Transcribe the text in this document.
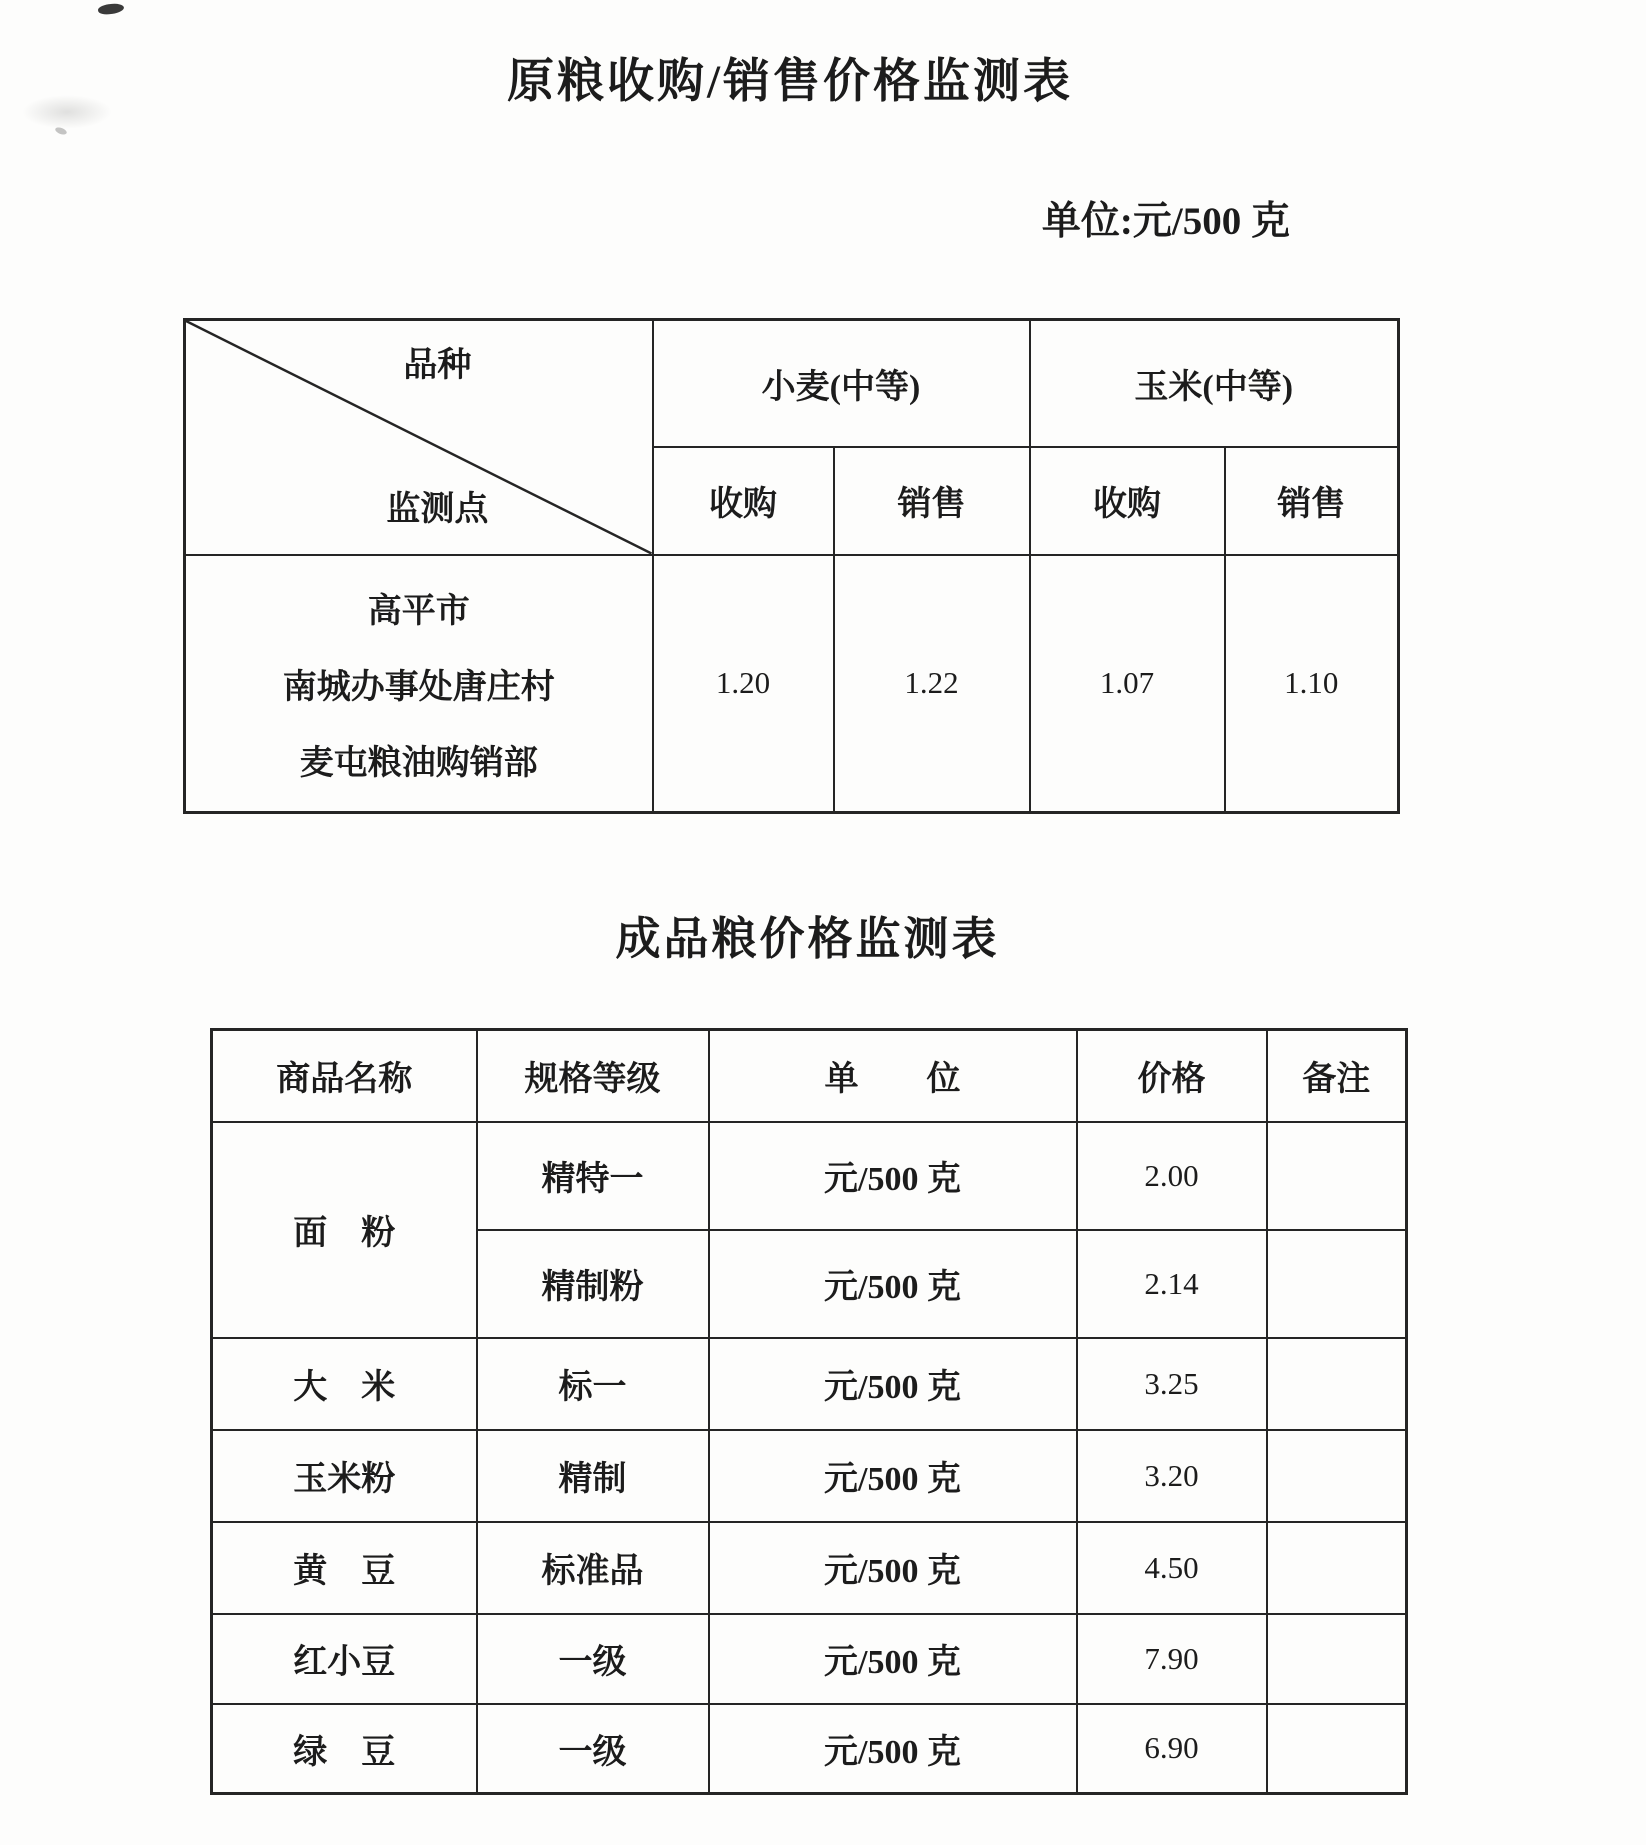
原粮收购/销售价格监测表
单位:元/500 克
品种
监测点	小麦(中等)		玉米(中等)	
	收购	销售	收购	销售

高平市
南城办事处唐庄村
麦屯粮油购销部	1.20	1.22	1.07	1.10
成品粮价格监测表
商品名称	规格等级	单　　位	价格	备注
面　粉	精特一	元/500 克	2.00	
	精制粉	元/500 克	2.14	
大　米	标一	元/500 克	3.25	
玉米粉	精制	元/500 克	3.20	
黄　豆	标准品	元/500 克	4.50	
红小豆	一级	元/500 克	7.90	
绿　豆	一级	元/500 克	6.90	
